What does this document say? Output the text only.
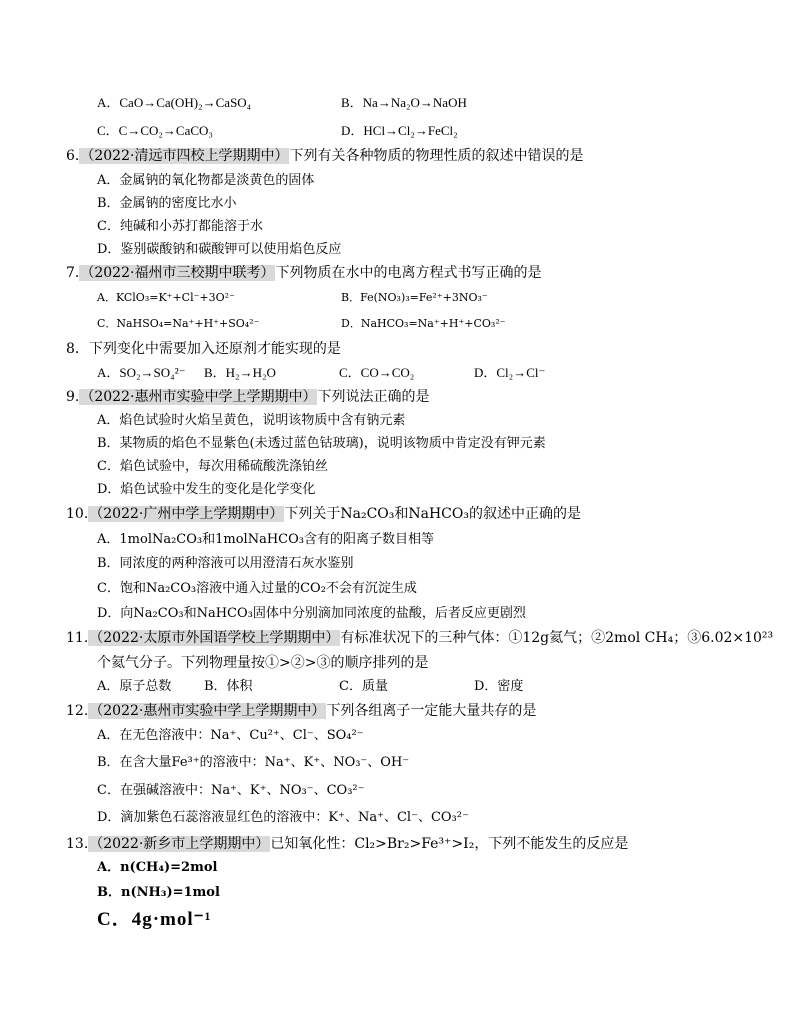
A．CaO→Ca(OH)₂→CaSO₄	B．Na→Na₂O→NaOH
C．C→CO₂→CaCO₃	D．HCl→Cl₂→FeCl₂
6.（2022·清远市四校上学期期中）下列有关各种物质的物理性质的叙述中错误的是
A．金属钠的氧化物都是淡黄色的固体
B．金属钠的密度比水小
C．纯碱和小苏打都能溶于水
D．鉴别碳酸钠和碳酸钾可以使用焰色反应
7.（2022·福州市三校期中联考）下列物质在水中的电离方程式书写正确的是
A．KClO₃=K⁺+Cl⁻+3O²⁻	B．Fe(NO₃)₃=Fe²⁺+3NO₃⁻
C．NaHSO₄=Na⁺+H⁺+SO₄²⁻	D．NaHCO₃=Na⁺+H⁺+CO₃²⁻
8．下列变化中需要加入还原剂才能实现的是
A．SO₂→SO₄²⁻ B．H₂→H₂O	C．CO→CO₂	D．Cl₂→Cl⁻
9.（2022·惠州市实验中学上学期期中）下列说法正确的是
A．焰色试验时火焰呈黄色，说明该物质中含有钠元素
B．某物质的焰色不显紫色(未透过蓝色钴玻璃)，说明该物质中肯定没有钾元素
C．焰色试验中，每次用稀硫酸洗涤铂丝
D．焰色试验中发生的变化是化学变化
10.（2022·广州中学上学期期中）下列关于Na₂CO₃和NaHCO₃的叙述中正确的是
A．1molNa₂CO₃和1molNaHCO₃含有的阳离子数目相等
B．同浓度的两种溶液可以用澄清石灰水鉴别
C．饱和Na₂CO₃溶液中通入过量的CO₂不会有沉淀生成
D．向Na₂CO₃和NaHCO₃固体中分别滴加同浓度的盐酸，后者反应更剧烈
11.（2022·太原市外国语学校上学期期中）有标准状况下的三种气体：①12g氦气；②2mol CH₄；③6.02×10²³
个氦气分子。下列物理量按①>②>③的顺序排列的是
A．原子总数	B．体积	C．质量	D．密度
12.（2022·惠州市实验中学上学期期中）下列各组离子一定能大量共存的是
A．在无色溶液中：Na⁺、Cu²⁺、Cl⁻、SO₄²⁻
B．在含大量Fe³⁺的溶液中：Na⁺、K⁺、NO₃⁻、OH⁻
C．在强碱溶液中：Na⁺、K⁺、NO₃⁻、CO₃²⁻
D．滴加紫色石蕊溶液显红色的溶液中：K⁺、Na⁺、Cl⁻、CO₃²⁻
13.（2022·新乡市上学期期中）已知氧化性：Cl₂>Br₂>Fe³⁺>I₂，下列不能发生的反应是
A．n(CH₄)=2mol
B．n(NH₃)=1mol
C．4g·mol⁻¹
